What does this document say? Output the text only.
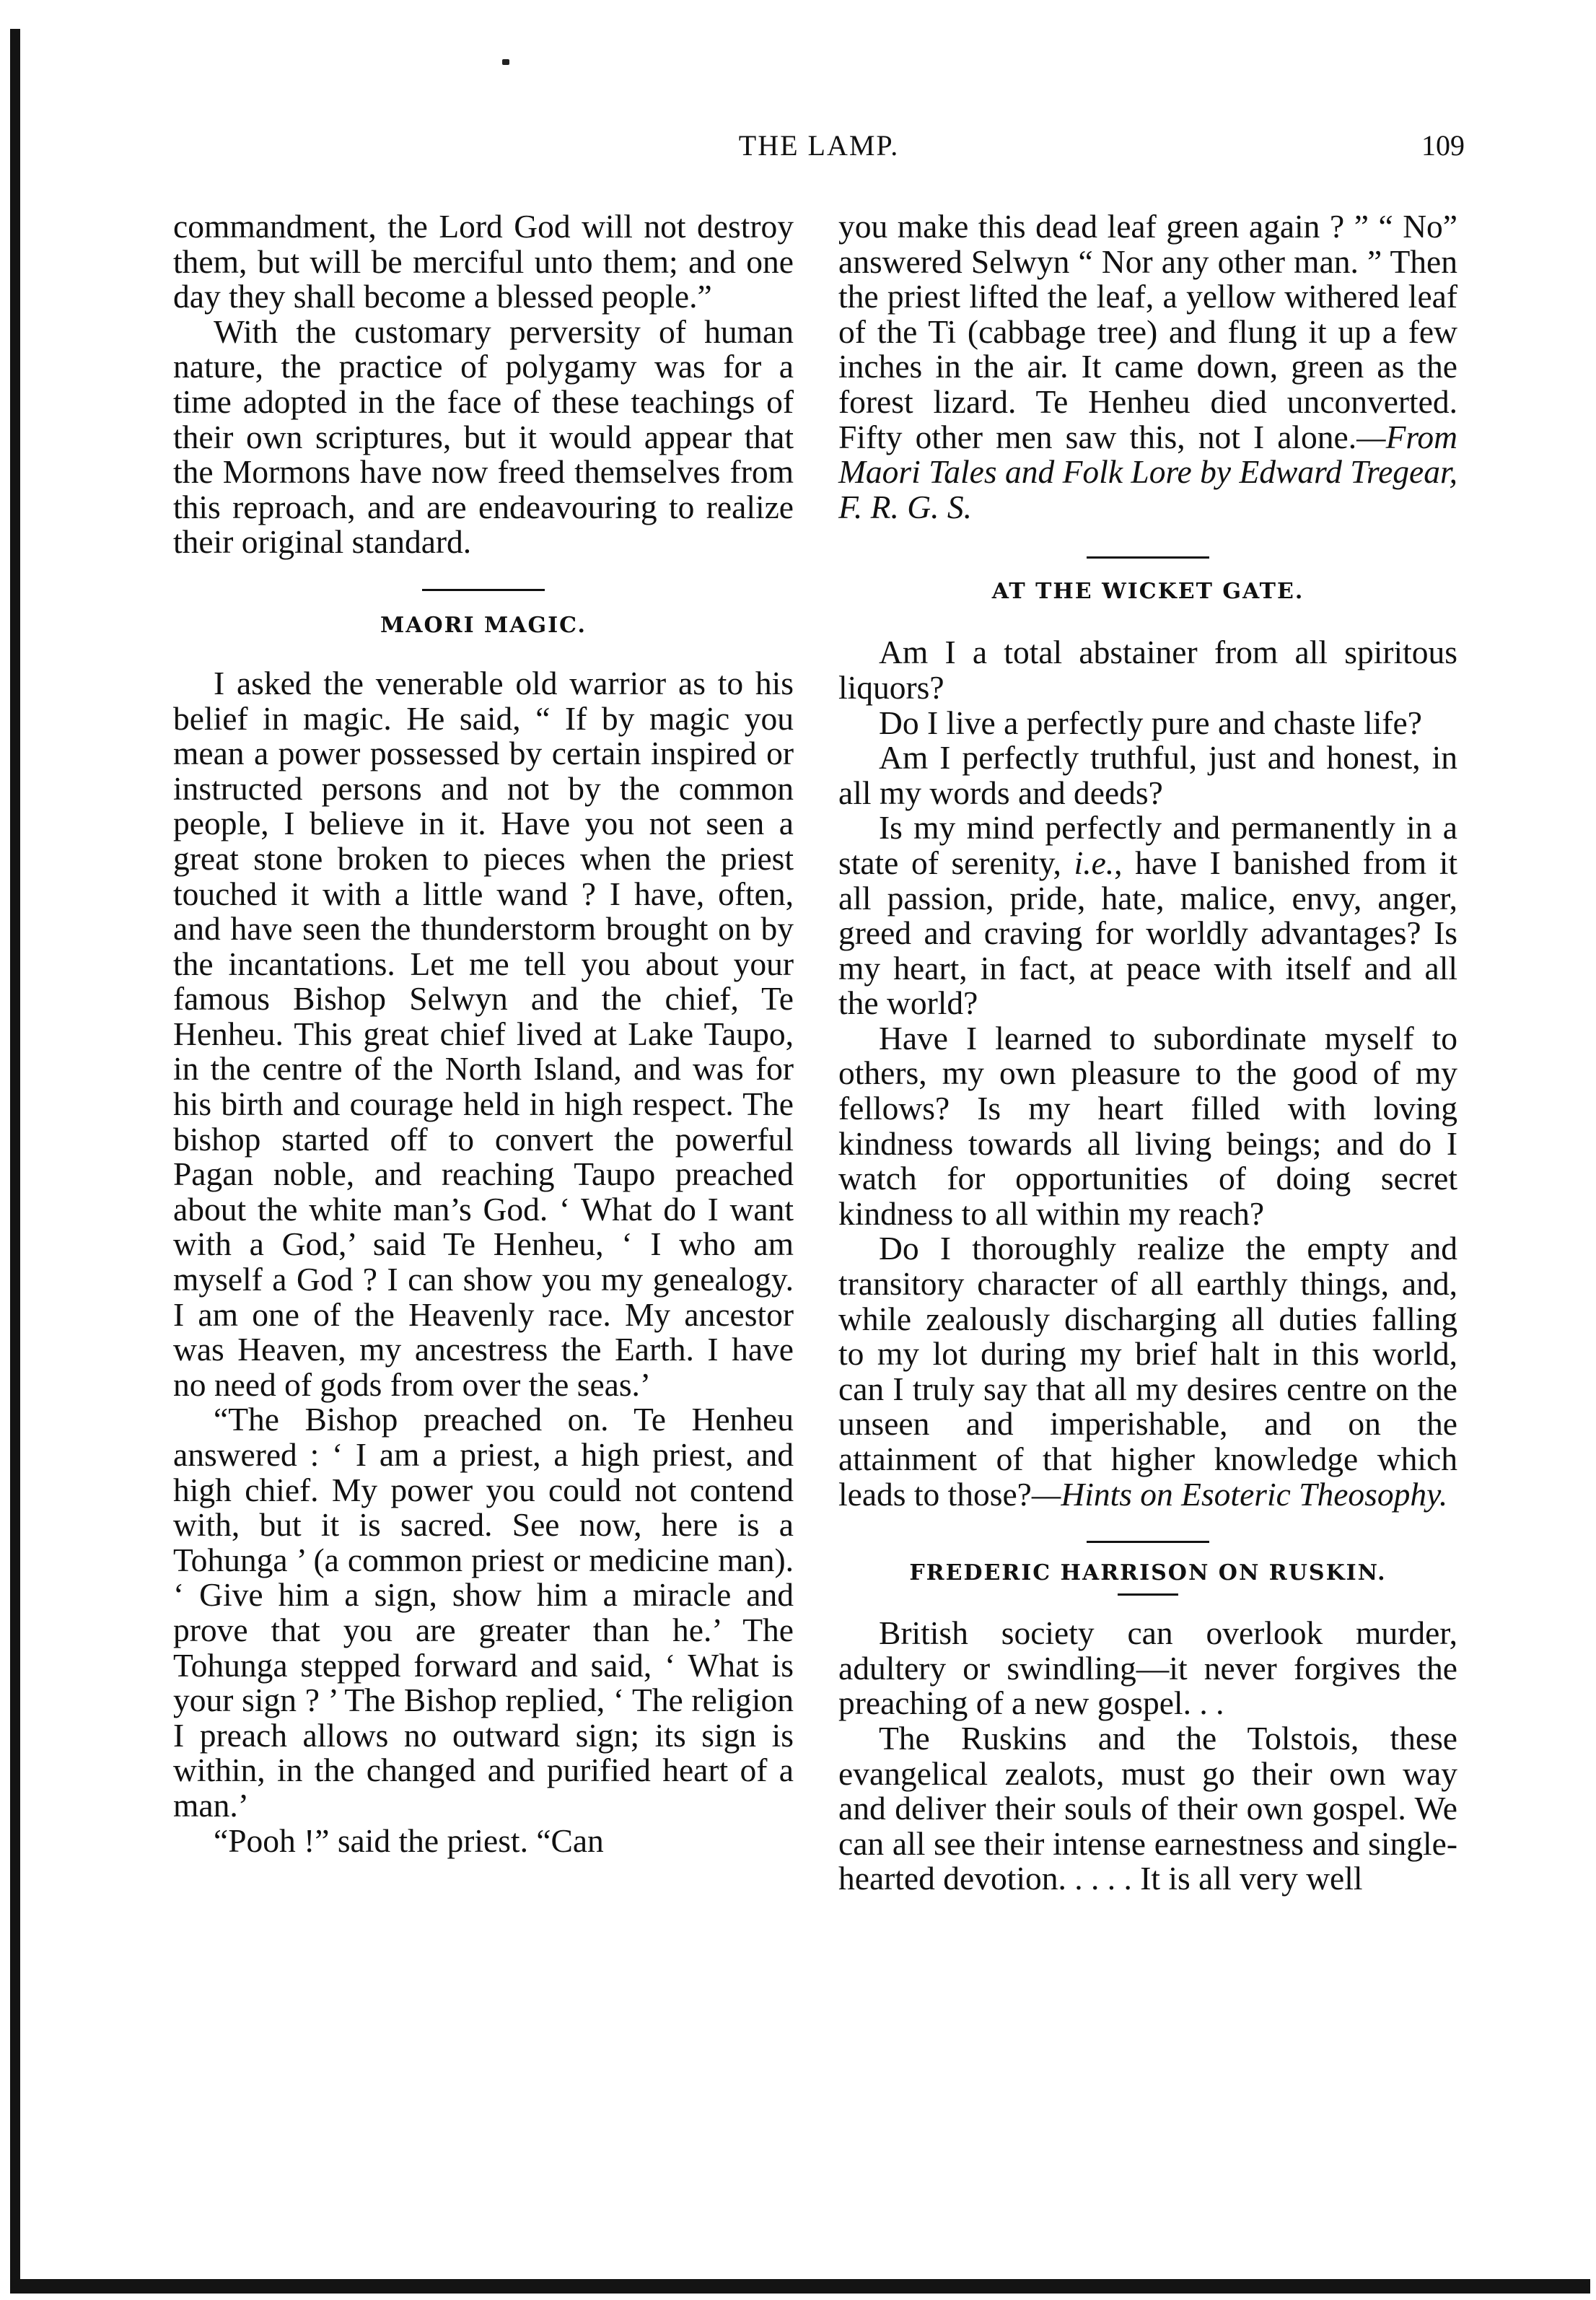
THE LAMP.	109

commandment, the Lord God will not destroy them, but will be merciful unto them; and one day they shall become a blessed people.”

With the customary perversity of human nature, the practice of polygamy was for a time adopted in the face of these teachings of their own scriptures, but it would appear that the Mormons have now freed themselves from this reproach, and are endeavouring to realize their original standard.

MAORI MAGIC.

I asked the venerable old warrior as to his belief in magic. He said, “ If by magic you mean a power possessed by certain inspired or instructed persons and not by the common people, I believe in it. Have you not seen a great stone broken to pieces when the priest touched it with a little wand ? I have, often, and have seen the thunderstorm brought on by the incantations. Let me tell you about your famous Bishop Selwyn and the chief, Te Henheu. This great chief lived at Lake Taupo, in the centre of the North Island, and was for his birth and courage held in high respect. The bishop started off to convert the powerful Pagan noble, and reaching Taupo preached about the white man’s God. ‘ What do I want with a God,’ said Te Henheu, ‘ I who am myself a God ? I can show you my genealogy. I am one of the Heavenly race. My ancestor was Heaven, my ancestress the Earth. I have no need of gods from over the seas.’

“The Bishop preached on. Te Henheu answered : ‘ I am a priest, a high priest, and high chief. My power you could not contend with, but it is sacred. See now, here is a Tohunga ’ (a common priest or medicine man). ‘ Give him a sign, show him a miracle and prove that you are greater than he.’ The Tohunga stepped forward and said, ‘ What is your sign ? ’ The Bishop replied, ‘ The religion I preach allows no outward sign; its sign is within, in the changed and purified heart of a man.’

“Pooh !” said the priest. “Can

you make this dead leaf green again ? ” “ No” answered Selwyn “ Nor any other man. ” Then the priest lifted the leaf, a yellow withered leaf of the Ti (cabbage tree) and flung it up a few inches in the air. It came down, green as the forest lizard. Te Henheu died unconverted. Fifty other men saw this, not I alone.—From Maori Tales and Folk Lore by Edward Tregear, F. R. G. S.

AT THE WICKET GATE.

Am I a total abstainer from all spiritous liquors?

Do I live a perfectly pure and chaste life?

Am I perfectly truthful, just and honest, in all my words and deeds?

Is my mind perfectly and permanently in a state of serenity, i.e., have I banished from it all passion, pride, hate, malice, envy, anger, greed and craving for worldly advantages? Is my heart, in fact, at peace with itself and all the world?

Have I learned to subordinate myself to others, my own pleasure to the good of my fellows? Is my heart filled with loving kindness towards all living beings; and do I watch for opportunities of doing secret kindness to all within my reach?

Do I thoroughly realize the empty and transitory character of all earthly things, and, while zealously discharging all duties falling to my lot during my brief halt in this world, can I truly say that all my desires centre on the unseen and imperishable, and on the attainment of that higher knowledge which leads to those?—Hints on Esoteric Theosophy.

FREDERIC HARRISON ON RUSKIN.

British society can overlook murder, adultery or swindling—it never forgives the preaching of a new gospel. . .

The Ruskins and the Tolstois, these evangelical zealots, must go their own way and deliver their souls of their own gospel. We can all see their intense earnestness and single-hearted devotion. . . . . It is all very well
